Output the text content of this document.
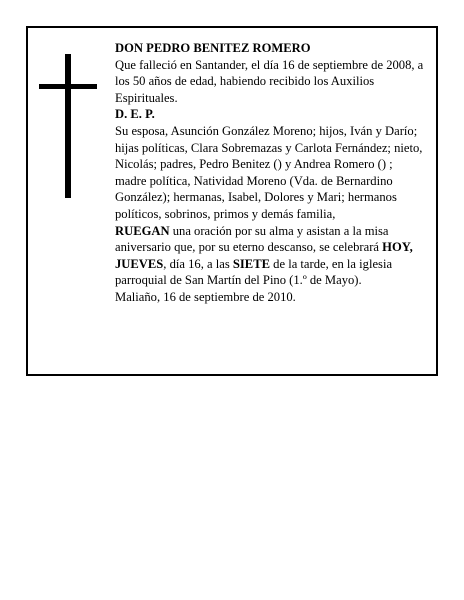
DON PEDRO BENITEZ ROMERO

Que falleció en Santander, el día 16 de septiembre de 2008, a los 50 años de edad, habiendo recibido los Auxilios Espirituales.

D. E. P.

Su esposa, Asunción González Moreno; hijos, Iván y Darío; hijas políticas, Clara Sobremazas y Carlota Fernández; nieto, Nicolás; padres, Pedro Benitez () y Andrea Romero () ; madre política, Natividad Moreno (Vda. de Bernardino González); hermanas, Isabel, Dolores y Mari; hermanos políticos, sobrinos, primos y demás familia,

RUEGAN una oración por su alma y asistan a la misa aniversario que, por su eterno descanso, se celebrará HOY, JUEVES, día 16, a las SIETE de la tarde, en la iglesia parroquial de San Martín del Pino (1.º de Mayo).

Maliaño, 16 de septiembre de 2010.
